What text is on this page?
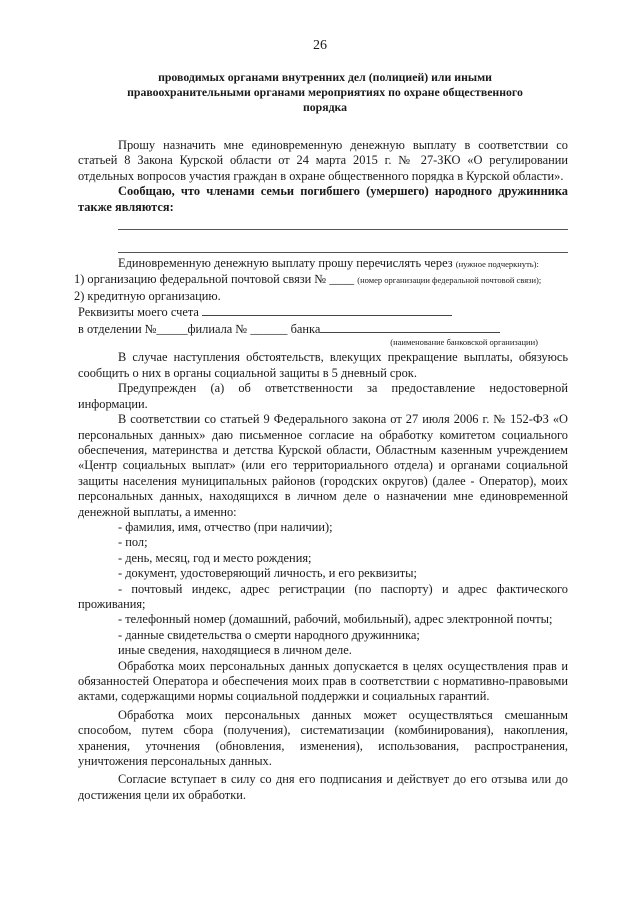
26
проводимых органами внутренних дел (полицией) или иными
правоохранительными органами мероприятиях по охране общественного
порядка

Прошу назначить мне единовременную денежную выплату в соответствии со статьей 8 Закона Курской области от 24 марта 2015 г. № 27-ЗКО «О регулировании отдельных вопросов участия граждан в охране общественного порядка в Курской области».

Сообщаю, что членами семьи погибшего (умершего) народного дружинника также являются:

Единовременную денежную выплату прошу перечислять через (нужное подчеркнуть):

1) организацию федеральной почтовой связи № ____ (номер организации федеральной почтовой связи);

2) кредитную организацию.

Реквизиты моего счета

в отделении №_____филиала № ______ банка

(наименование банковской организации)

В случае наступления обстоятельств, влекущих прекращение выплаты, обязуюсь сообщить о них в органы социальной защиты в 5 дневный срок.

Предупрежден (а) об ответственности за предоставление недостоверной информации.

В соответствии со статьей 9 Федерального закона от 27 июля 2006 г. № 152-ФЗ «О персональных данных» даю письменное согласие на обработку комитетом социального обеспечения, материнства и детства Курской области, Областным казенным учреждением «Центр социальных выплат» (или его территориального отдела) и органами социальной защиты населения муниципальных районов (городских округов) (далее - Оператор), моих персональных данных, находящихся в личном деле о назначении мне единовременной денежной выплаты, а именно:

- фамилия, имя, отчество (при наличии);

- пол;

- день, месяц, год и место рождения;

- документ, удостоверяющий личность, и его реквизиты;

- почтовый индекс, адрес регистрации (по паспорту) и адрес фактического проживания;

- телефонный номер (домашний, рабочий, мобильный), адрес электронной почты;

- данные свидетельства о смерти народного дружинника;

иные сведения, находящиеся в личном деле.

Обработка моих персональных данных допускается в целях осуществления прав и обязанностей Оператора и обеспечения моих прав в соответствии с нормативно-правовыми актами, содержащими нормы социальной поддержки и социальных гарантий.

Обработка моих персональных данных может осуществляться смешанным способом, путем сбора (получения), систематизации (комбинирования), накопления, хранения, уточнения (обновления, изменения), использования, распространения, уничтожения персональных данных.

Согласие вступает в силу со дня его подписания и действует до его отзыва или до достижения цели их обработки.
